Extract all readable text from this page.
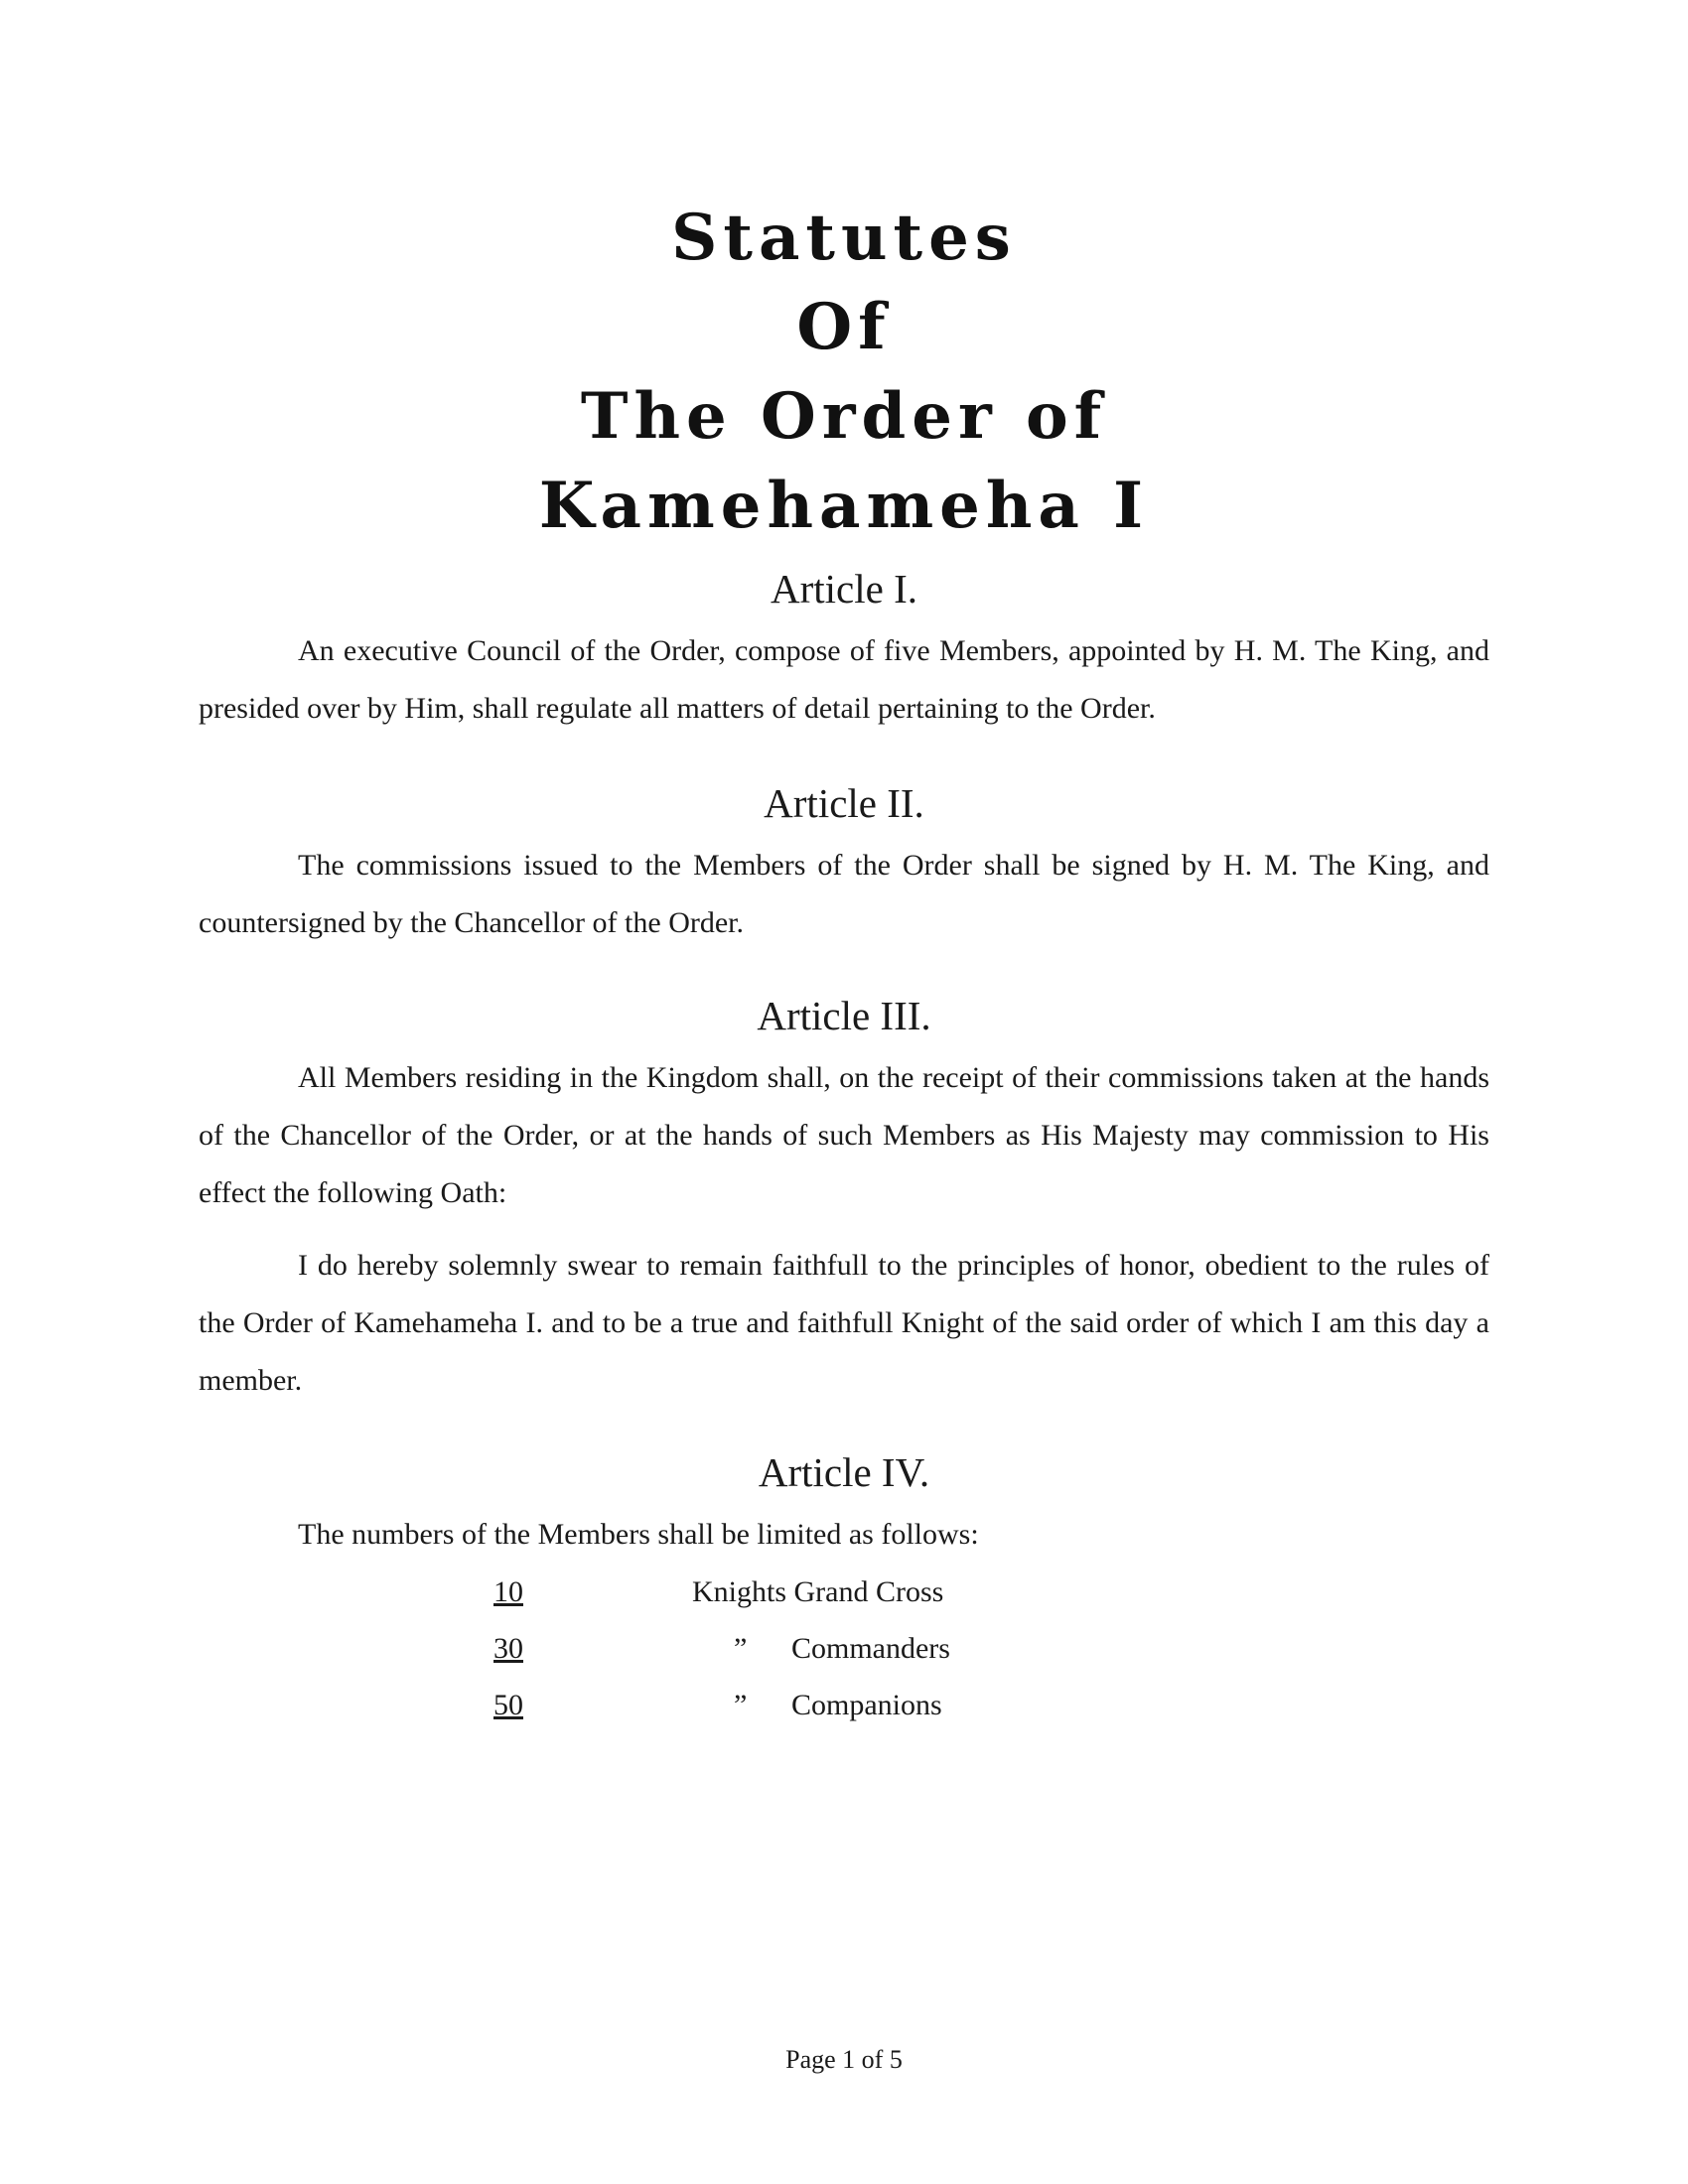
Statutes
Of
The Order of
Kamehameha I
Article I.

An executive Council of the Order, compose of five Members, appointed by H. M. The King, and presided over by Him, shall regulate all matters of detail pertaining to the Order.

Article II.

The commissions issued to the Members of the Order shall be signed by H. M. The King, and countersigned by the Chancellor of the Order.

Article III.

All Members residing in the Kingdom shall, on the receipt of their commissions taken at the hands of the Chancellor of the Order, or at the hands of such Members as His Majesty may commission to His effect the following Oath:

I do hereby solemnly swear to remain faithfull to the principles of honor, obedient to the rules of the Order of Kamehameha I. and to be a true and faithfull Knight of the said order of which I am this day a member.

Article IV.

The numbers of the Members shall be limited as follows:

10	Knights Grand Cross
30	” Commanders
50	” Companions
Page 1 of 5
